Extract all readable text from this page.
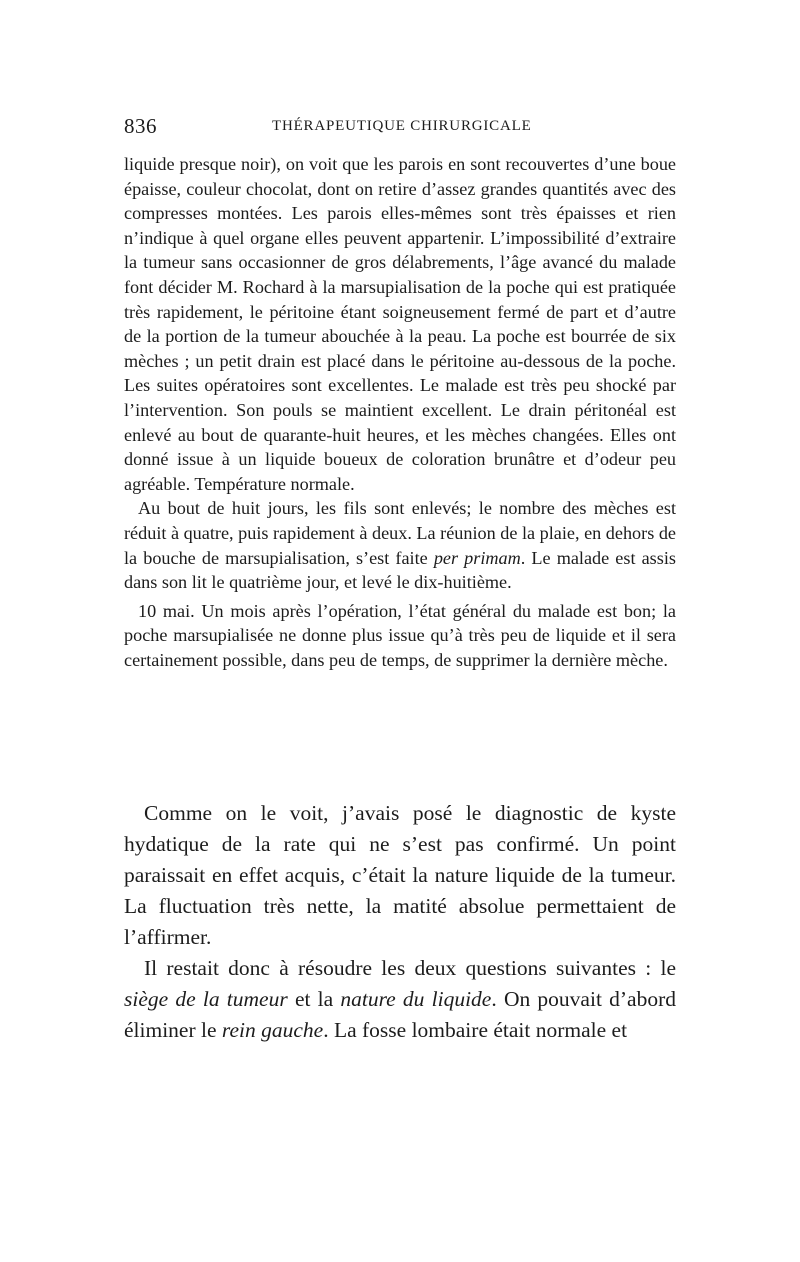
836	THÉRAPEUTIQUE CHIRURGICALE

liquide presque noir), on voit que les parois en sont recouvertes d’une boue épaisse, couleur chocolat, dont on retire d’assez grandes quantités avec des compresses montées. Les parois elles-mêmes sont très épaisses et rien n’indique à quel organe elles peuvent appartenir. L’impossibilité d’extraire la tumeur sans occasionner de gros délabrements, l’âge avancé du malade font décider M. Rochard à la marsupialisation de la poche qui est pratiquée très rapidement, le péritoine étant soigneusement fermé de part et d’autre de la portion de la tumeur abouchée à la peau. La poche est bourrée de six mèches ; un petit drain est placé dans le péritoine au-dessous de la poche. Les suites opératoires sont excellentes. Le malade est très peu shocké par l’intervention. Son pouls se maintient excellent. Le drain péritonéal est enlevé au bout de quarante-huit heures, et les mèches changées. Elles ont donné issue à un liquide boueux de coloration brunâtre et d’odeur peu agréable. Température normale.

Au bout de huit jours, les fils sont enlevés; le nombre des mèches est réduit à quatre, puis rapidement à deux. La réunion de la plaie, en dehors de la bouche de marsupialisation, s’est faite per primam. Le malade est assis dans son lit le quatrième jour, et levé le dix-huitième.

10 mai. Un mois après l’opération, l’état général du malade est bon; la poche marsupialisée ne donne plus issue qu’à très peu de liquide et il sera certainement possible, dans peu de temps, de supprimer la dernière mèche.

Comme on le voit, j’avais posé le diagnostic de kyste hydatique de la rate qui ne s’est pas confirmé. Un point paraissait en effet acquis, c’était la nature liquide de la tumeur. La fluctuation très nette, la matité absolue permettaient de l’affirmer.

Il restait donc à résoudre les deux questions suivantes : le siège de la tumeur et la nature du liquide. On pouvait d’abord éliminer le rein gauche. La fosse lombaire était normale et
